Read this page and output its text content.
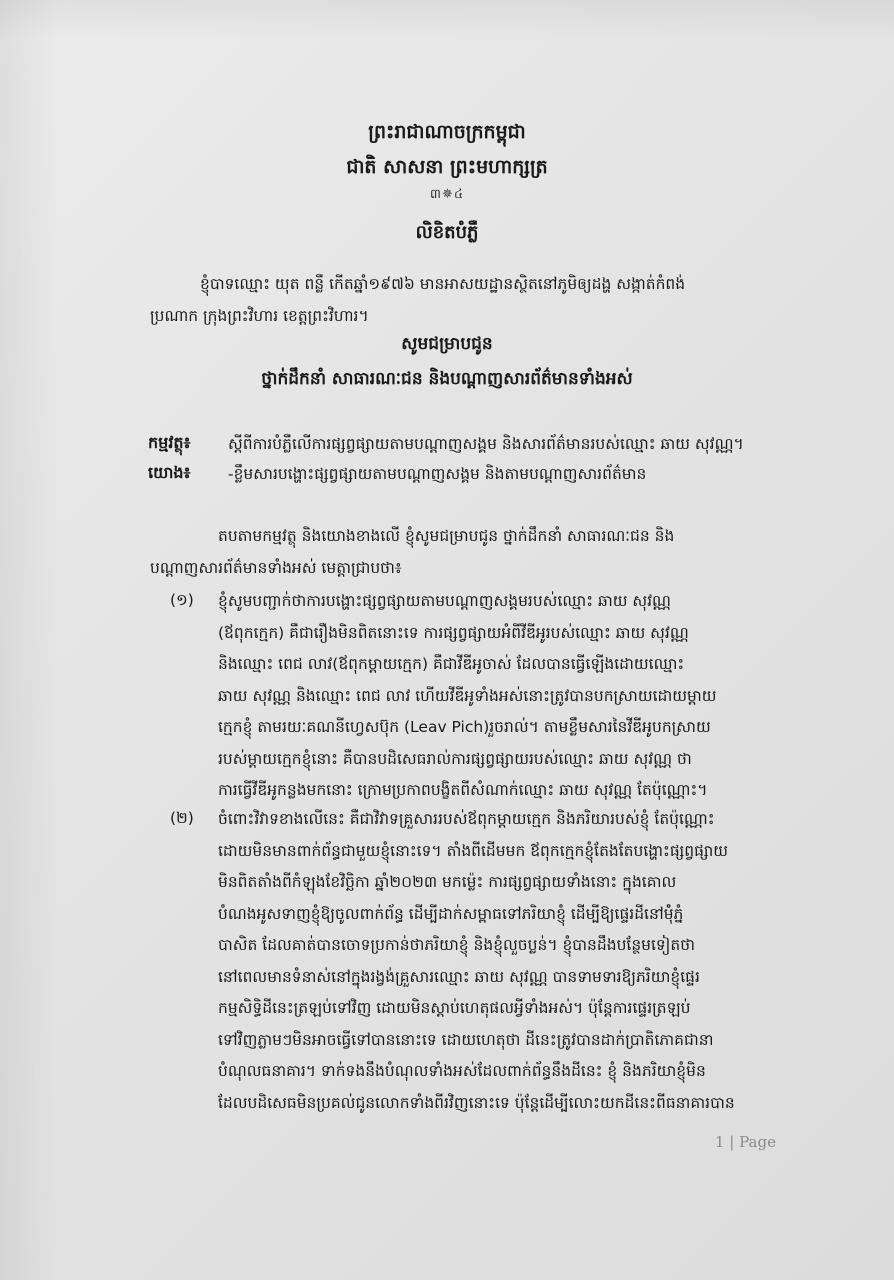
ព្រះរាជាណាចក្រកម្ពុជា
ជាតិ សាសនា ព្រះមហាក្សត្រ
៣✵៤
លិខិតបំភ្លឺ
ខ្ញុំបាទឈ្មោះ យុត ពន្លឺ កើតឆ្នាំ១៩៧៦ មានអាសយដ្ឋានស្ថិតនៅភូមិឲ្យដង្ហ សង្កាត់កំពង់
ប្រណាក ក្រុងព្រះវិហារ ខេត្តព្រះវិហារ។
សូមជម្រាបជូន
ថ្នាក់ដឹកនាំ សាធារណៈជន និងបណ្ដាញសារព័ត៌មានទាំងអស់
កម្មវត្ថុ៖ ស្ដីពីការបំភ្លឺលើការផ្សព្វផ្សាយតាមបណ្ដាញសង្គម និងសារព័ត៌មានរបស់ឈ្មោះ ឆាយ សុវណ្ណ។
យោង៖ -ខ្លឹមសារបង្ហោះផ្សព្វផ្សាយតាមបណ្ដាញសង្គម និងតាមបណ្ដាញសារព័ត៌មាន
តបតាមកម្មវត្ថុ និងយោងខាងលើ ខ្ញុំសូមជម្រាបជូន ថ្នាក់ដឹកនាំ សាធារណៈជន និង
បណ្ដាញសារព័ត៌មានទាំងអស់ មេត្តាជ្រាបថា៖
(១) ខ្ញុំសូមបញ្ជាក់ថាការបង្ហោះផ្សព្វផ្សាយតាមបណ្ដាញសង្គមរបស់ឈ្មោះ ឆាយ សុវណ្ណ
(ឪពុកក្មេក) គឺជារឿងមិនពិតនោះទេ ការផ្សព្វផ្សាយអំពីវីឌីអូរបស់ឈ្មោះ ឆាយ សុវណ្ណ
និងឈ្មោះ ពេជ លាវ(ឪពុកម្ដាយក្មេក) គឺជាវីឌីអូចាស់ ដែលបានធ្វើឡើងដោយឈ្មោះ
ឆាយ សុវណ្ណ និងឈ្មោះ ពេជ លាវ ហើយវីឌីអូទាំងអស់នោះត្រូវបានបកស្រាយដោយម្ដាយ
ក្មេកខ្ញុំ តាមរយៈគណនីហ្វេសប៊ុក (Leav Pich)រួចរាល់។ តាមខ្លឹមសារនៃវីឌីអូបកស្រាយ
របស់ម្ដាយក្មេកខ្ញុំនោះ គឺបានបដិសេធរាល់ការផ្សព្វផ្សាយរបស់ឈ្មោះ ឆាយ សុវណ្ណ ថា
ការធ្វើវីឌីអូកន្លងមកនោះ ក្រោមប្រកាពបង្ខិតពីសំណាក់ឈ្មោះ ឆាយ សុវណ្ណ តែប៉ុណ្ណោះ។
(២) ចំពោះវិវាទខាងលើនេះ គឺជាវិវាទគ្រួសាររបស់ឪពុកម្ដាយក្មេក និងភរិយារបស់ខ្ញុំ តែប៉ុណ្ណោះ
ដោយមិនមានពាក់ព័ន្ធជាមួយខ្ញុំនោះទេ។ តាំងពីដើមមក ឪពុកក្មេកខ្ញុំតែងតែបង្ហោះផ្សព្វផ្សាយ
មិនពិតតាំងពីកំឡុងខែវិច្ឆិកា ឆ្នាំ២០២៣ មកម្ល៉េះ ការផ្សព្វផ្សាយទាំងនោះ ក្នុងគោល
បំណងអូសទាញខ្ញុំឱ្យចូលពាក់ព័ន្ធ ដើម្បីដាក់សម្ពាធទៅភរិយាខ្ញុំ ដើម្បីឱ្យផ្ទេរដីនៅម៉ុំភ្នំ
បាសិត ដែលគាត់បានចោទប្រកាន់ថាភរិយាខ្ញុំ និងខ្ញុំលួចប្លន់។ ខ្ញុំបានដឹងបន្ថែមទៀតថា
នៅពេលមានទំនាស់នៅក្នុងរង្វង់គ្រួសារឈ្មោះ ឆាយ សុវណ្ណ បានទាមទារឱ្យភរិយាខ្ញុំផ្ទេរ
កម្មសិទ្ធិដីនេះត្រឡប់ទៅវិញ ដោយមិនស្ដាប់ហេតុផលអ្វីទាំងអស់។ ប៉ុន្តែការផ្ទេរត្រឡប់
ទៅវិញភ្លាមៗមិនអាចធ្វើទៅបាននោះទេ ដោយហេតុថា ដីនេះត្រូវបានដាក់ប្រាតិភោគជានា
បំណុលធនាគារ។ ទាក់ទងនឹងបំណុលទាំងអស់ដែលពាក់ព័ន្ធនឹងដីនេះ ខ្ញុំ និងភរិយាខ្ញុំមិន
ដែលបដិសេធមិនប្រគល់ជូនលោកទាំងពីរវិញនោះទេ ប៉ុន្តែដើម្បីលោះយកដីនេះពីធនាគារបាន
1 | Page
